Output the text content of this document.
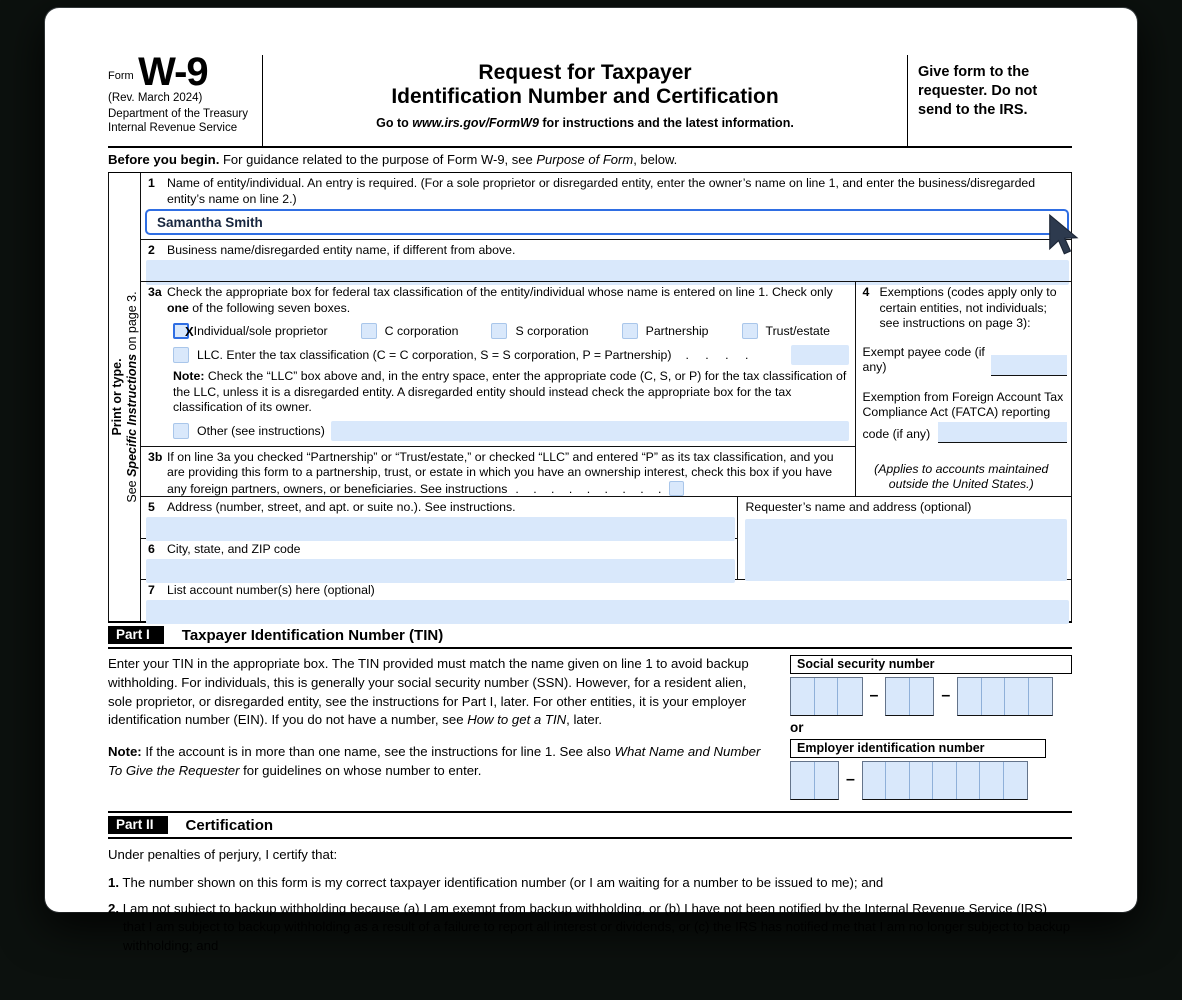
$^{Form}$ W-9
(Rev. March 2024)
Department of the Treasury
Internal Revenue Service
Request for Taxpayer
Identification Number and Certification
Go to www.irs.gov/FormW9 for instructions and the latest information.
Give form to the requester. Do not send to the IRS.
Before you begin. For guidance related to the purpose of Form W-9, see Purpose of Form, below.
Print or type.
See Specific Instructions on page 3.
1 Name of entity/individual. An entry is required. (For a sole proprietor or disregarded entity, enter the owner’s name on line 1, and enter the business/disregarded entity’s name on line 2.)
Samantha Smith
2 Business name/disregarded entity name, if different from above.
3a Check the appropriate box for federal tax classification of the entity/individual whose name is entered on line 1. Check only one of the following seven boxes.
X Individual/sole proprietor	C corporation	S corporation	Partnership	Trust/estate
LLC. Enter the tax classification (C = C corporation, S = S corporation, P = Partnership) . . . .
Note: Check the “LLC” box above and, in the entry space, enter the appropriate code (C, S, or P) for the tax classification of the LLC, unless it is a disregarded entity. A disregarded entity should instead check the appropriate box for the tax classification of its owner.
Other (see instructions)
3b If on line 3a you checked “Partnership” or “Trust/estate,” or checked “LLC” and entered “P” as its tax classification, and you are providing this form to a partnership, trust, or estate in which you have an ownership interest, check this box if you have any foreign partners, owners, or beneficiaries. See instructions . . . . . . . . .
4 Exemptions (codes apply only to certain entities, not individuals; see instructions on page 3):
Exempt payee code (if any)
Exemption from Foreign Account Tax Compliance Act (FATCA) reporting
code (if any)
(Applies to accounts maintained outside the United States.)
5 Address (number, street, and apt. or suite no.). See instructions.
6 City, state, and ZIP code
Requester’s name and address (optional)
7 List account number(s) here (optional)
Part I	Taxpayer Identification Number (TIN)
Enter your TIN in the appropriate box. The TIN provided must match the name given on line 1 to avoid backup withholding. For individuals, this is generally your social security number (SSN). However, for a resident alien, sole proprietor, or disregarded entity, see the instructions for Part I, later. For other entities, it is your employer identification number (EIN). If you do not have a number, see How to get a TIN, later.
Note: If the account is in more than one name, see the instructions for line 1. See also What Name and Number To Give the Requester for guidelines on whose number to enter.
Social security number
–	–
or
Employer identification number
–
Part II	Certification
Under penalties of perjury, I certify that:
1. The number shown on this form is my correct taxpayer identification number (or I am waiting for a number to be issued to me); and
2. I am not subject to backup withholding because (a) I am exempt from backup withholding, or (b) I have not been notified by the Internal Revenue Service (IRS) that I am subject to backup withholding as a result of a failure to report all interest or dividends, or (c) the IRS has notified me that I am no longer subject to backup withholding; and
